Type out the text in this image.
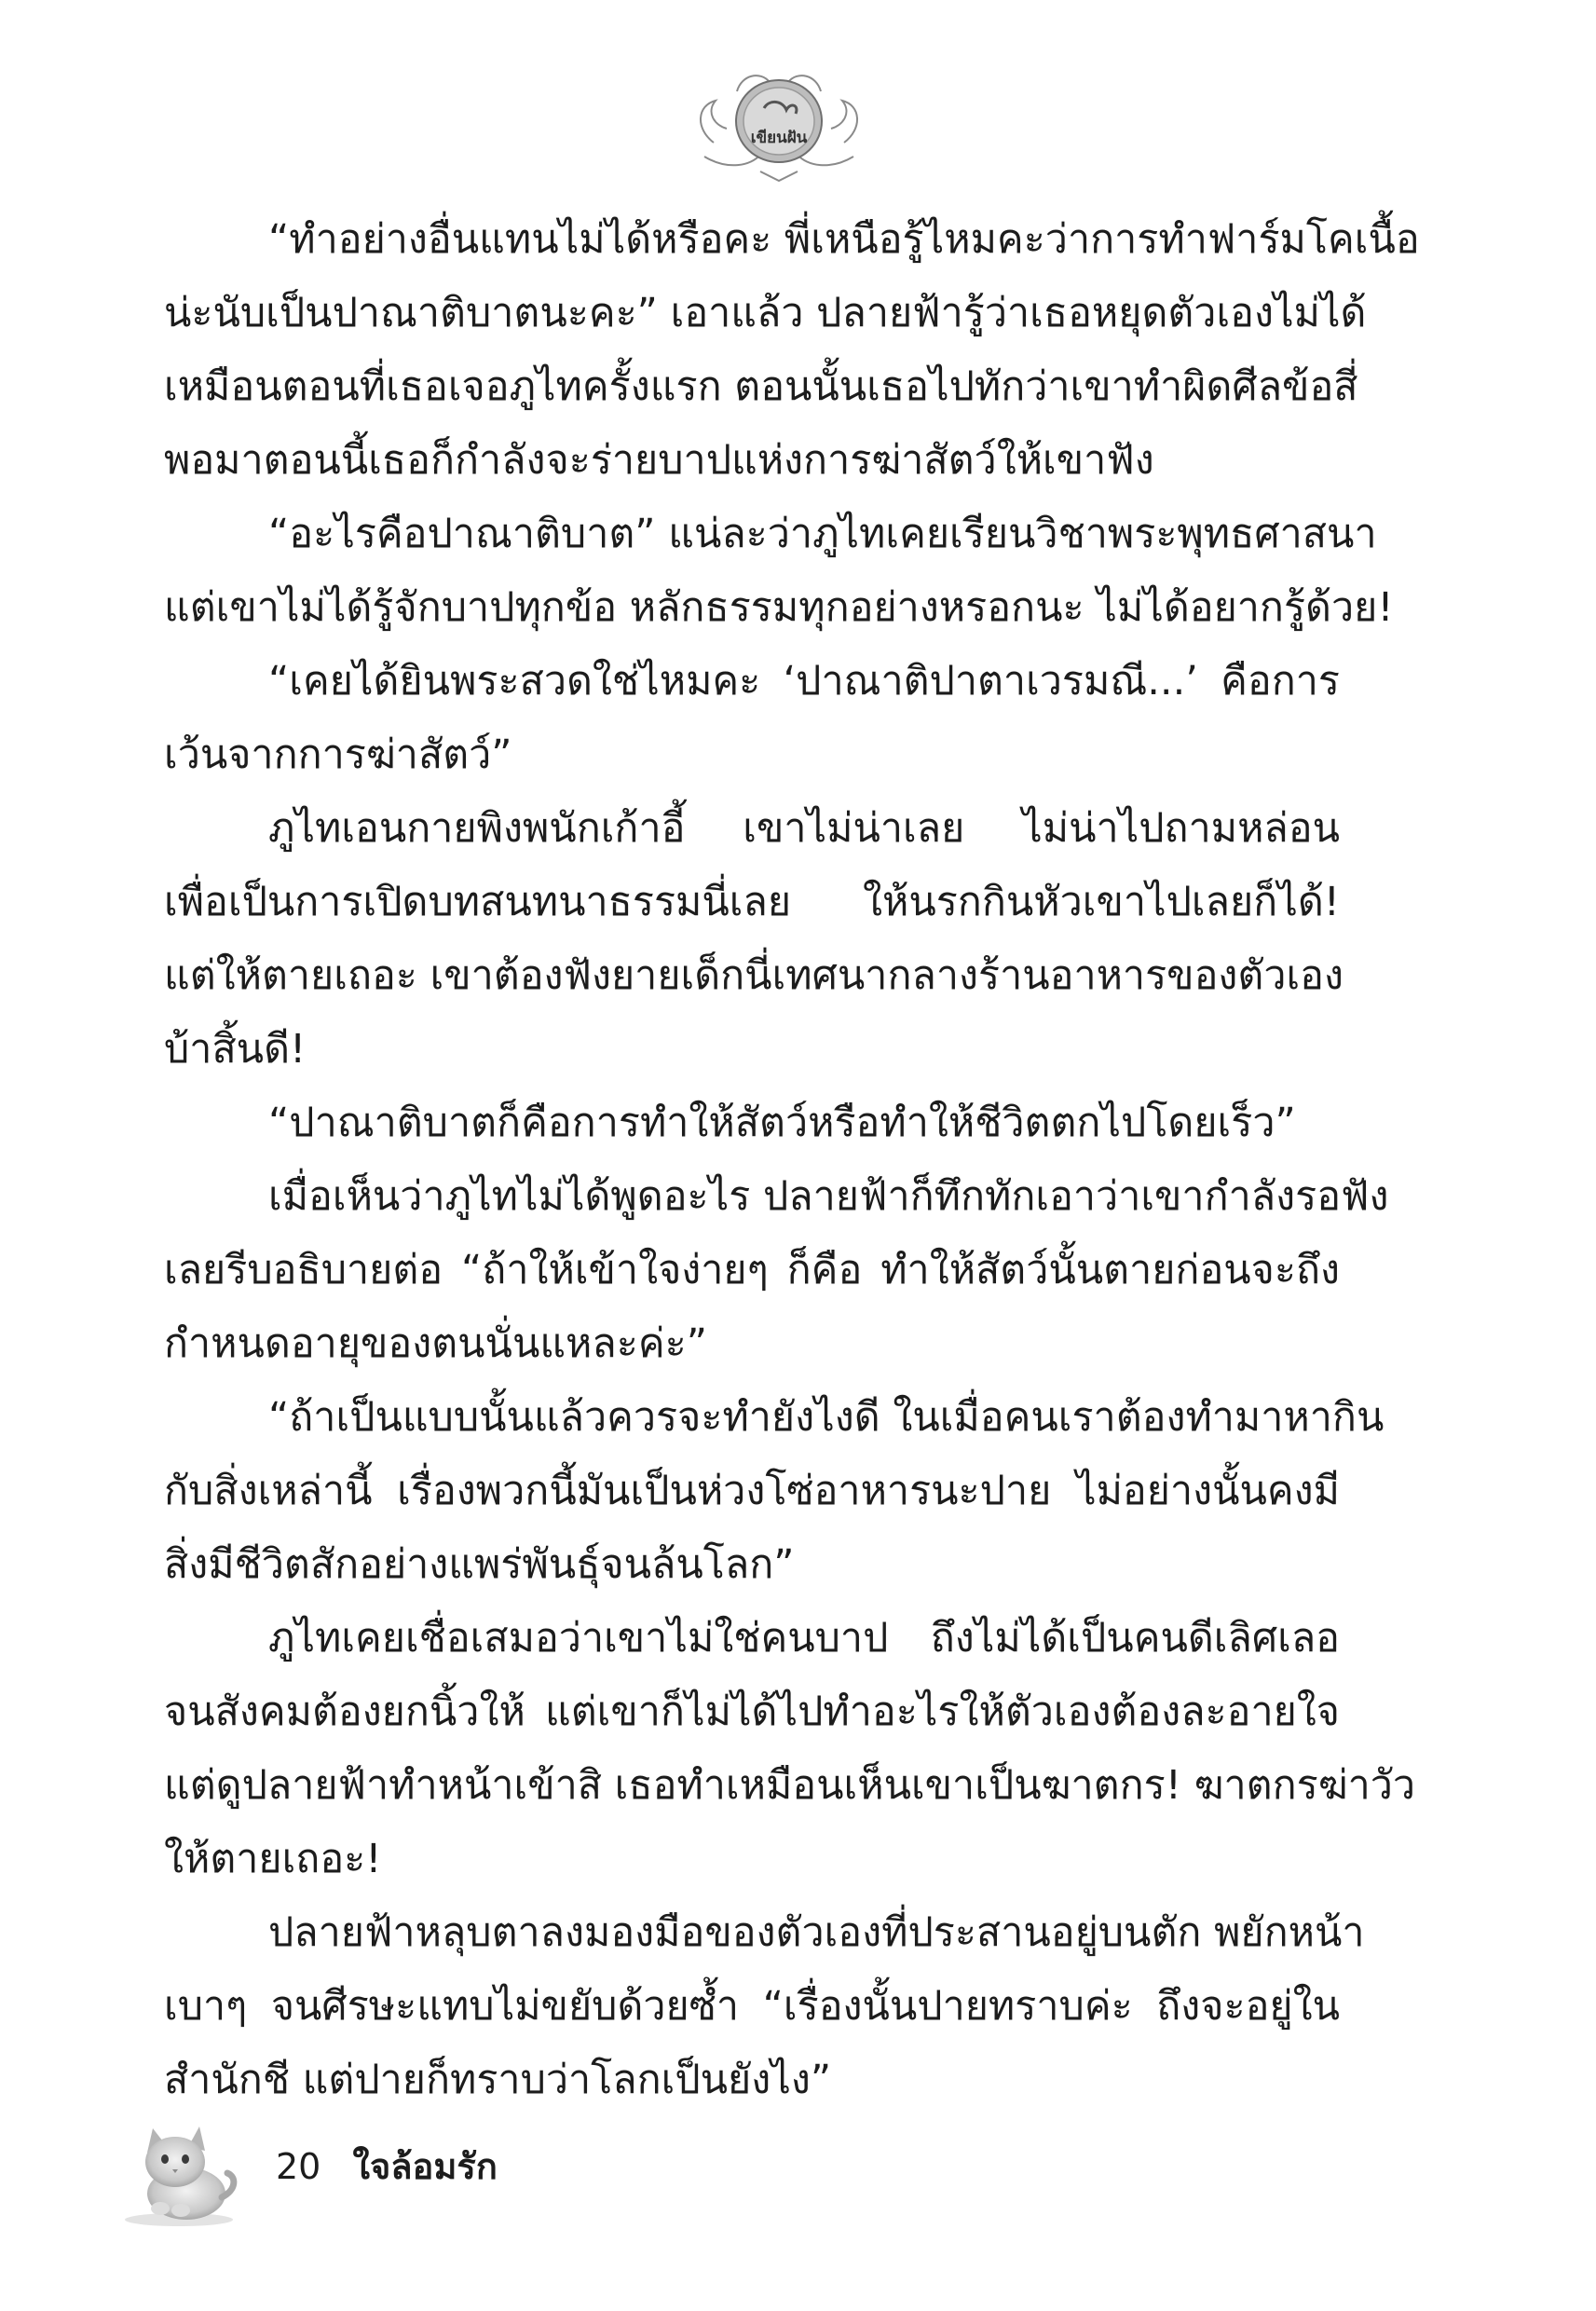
เขียนฝัน
“ทำอย่างอื่นแทนไม่ได้หรือคะ พี่เหนือรู้ไหมคะว่าการทำฟาร์มโคเนื้อ
น่ะนับเป็นปาณาติบาตนะคะ” เอาแล้ว ปลายฟ้ารู้ว่าเธอหยุดตัวเองไม่ได้
เหมือนตอนที่เธอเจอภูไทครั้งแรก ตอนนั้นเธอไปทักว่าเขาทำผิดศีลข้อสี่
พอมาตอนนี้เธอก็กำลังจะร่ายบาปแห่งการฆ่าสัตว์ให้เขาฟัง
“อะไรคือปาณาติบาต” แน่ละว่าภูไทเคยเรียนวิชาพระพุทธศาสนา
แต่เขาไม่ได้รู้จักบาปทุกข้อ หลักธรรมทุกอย่างหรอกนะ ไม่ได้อยากรู้ด้วย!
“เคยได้ยินพระสวดใช่ไหมคะ ‘ปาณาติปาตาเวรมณี...’ คือการ
เว้นจากการฆ่าสัตว์”
ภูไทเอนกายพิงพนักเก้าอี้ เขาไม่น่าเลย ไม่น่าไปถามหล่อน
เพื่อเป็นการเปิดบทสนทนาธรรมนี่เลย ให้นรกกินหัวเขาไปเลยก็ได้!
แต่ให้ตายเถอะ เขาต้องฟังยายเด็กนี่เทศนากลางร้านอาหารของตัวเอง
บ้าสิ้นดี!
“ปาณาติบาตก็คือการทำให้สัตว์หรือทำให้ชีวิตตกไปโดยเร็ว”
เมื่อเห็นว่าภูไทไม่ได้พูดอะไร ปลายฟ้าก็ทึกทักเอาว่าเขากำลังรอฟัง
เลยรีบอธิบายต่อ “ถ้าให้เข้าใจง่ายๆ ก็คือ ทำให้สัตว์นั้นตายก่อนจะถึง
กำหนดอายุของตนนั่นแหละค่ะ”
“ถ้าเป็นแบบนั้นแล้วควรจะทำยังไงดี ในเมื่อคนเราต้องทำมาหากิน
กับสิ่งเหล่านี้ เรื่องพวกนี้มันเป็นห่วงโซ่อาหารนะปาย ไม่อย่างนั้นคงมี
สิ่งมีชีวิตสักอย่างแพร่พันธุ์จนล้นโลก”
ภูไทเคยเชื่อเสมอว่าเขาไม่ใช่คนบาป ถึงไม่ได้เป็นคนดีเลิศเลอ
จนสังคมต้องยกนิ้วให้ แต่เขาก็ไม่ได้ไปทำอะไรให้ตัวเองต้องละอายใจ
แต่ดูปลายฟ้าทำหน้าเข้าสิ เธอทำเหมือนเห็นเขาเป็นฆาตกร! ฆาตกรฆ่าวัว
ให้ตายเถอะ!
ปลายฟ้าหลุบตาลงมองมือของตัวเองที่ประสานอยู่บนตัก พยักหน้า
เบาๆ จนศีรษะแทบไม่ขยับด้วยซ้ำ “เรื่องนั้นปายทราบค่ะ ถึงจะอยู่ใน
สำนักชี แต่ปายก็ทราบว่าโลกเป็นยังไง”
20 ใจล้อมรัก
